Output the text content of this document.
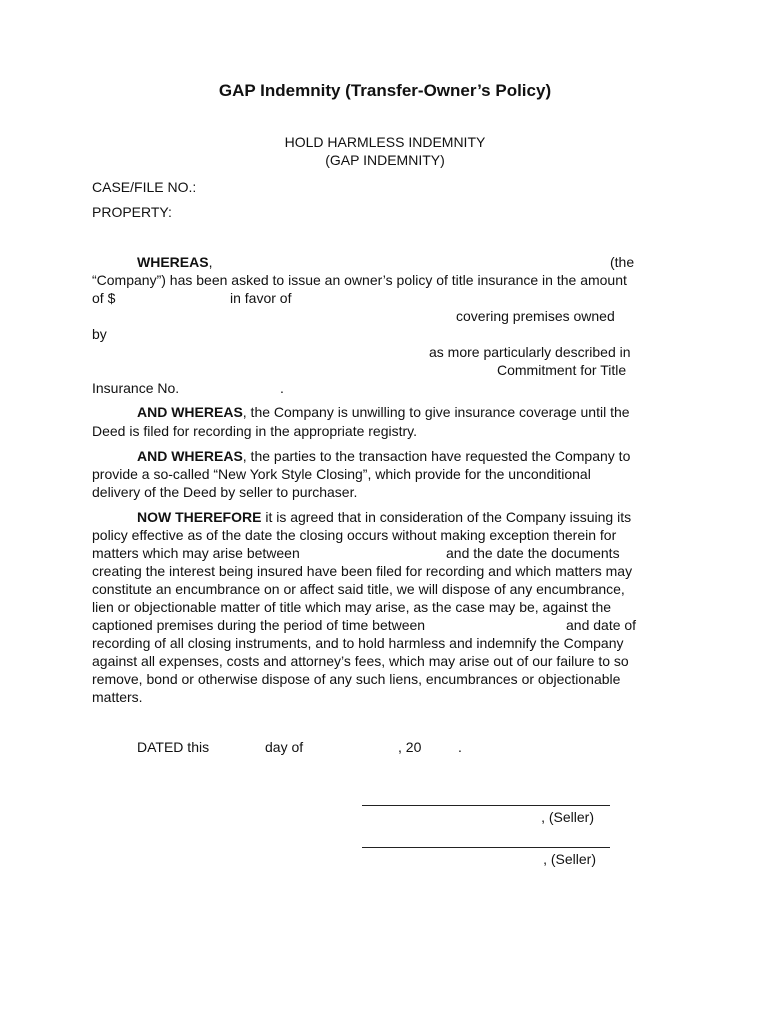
GAP Indemnity (Transfer-Owner’s Policy)
HOLD HARMLESS INDEMNITY
(GAP INDEMNITY)
CASE/FILE NO.:
PROPERTY:
WHEREAS,	(the
“Company”) has been asked to issue an owner’s policy of title insurance in the amount
of $	in favor of
covering premises owned
by
as more particularly described in
Commitment for Title
Insurance No.	.
AND WHEREAS, the Company is unwilling to give insurance coverage until the
Deed is filed for recording in the appropriate registry.
AND WHEREAS, the parties to the transaction have requested the Company to
provide a so-called “New York Style Closing”, which provide for the unconditional
delivery of the Deed by seller to purchaser.
NOW THEREFORE it is agreed that in consideration of the Company issuing its
policy effective as of the date the closing occurs without making exception therein for
matters which may arise between	and the date the documents
creating the interest being insured have been filed for recording and which matters may
constitute an encumbrance on or affect said title, we will dispose of any encumbrance,
lien or objectionable matter of title which may arise, as the case may be, against the
captioned premises during the period of time between	and date of
recording of all closing instruments, and to hold harmless and indemnify the Company
against all expenses, costs and attorney’s fees, which may arise out of our failure to so
remove, bond or otherwise dispose of any such liens, encumbrances or objectionable
matters.
DATED this	day of	, 20	.
, (Seller)
, (Seller)
